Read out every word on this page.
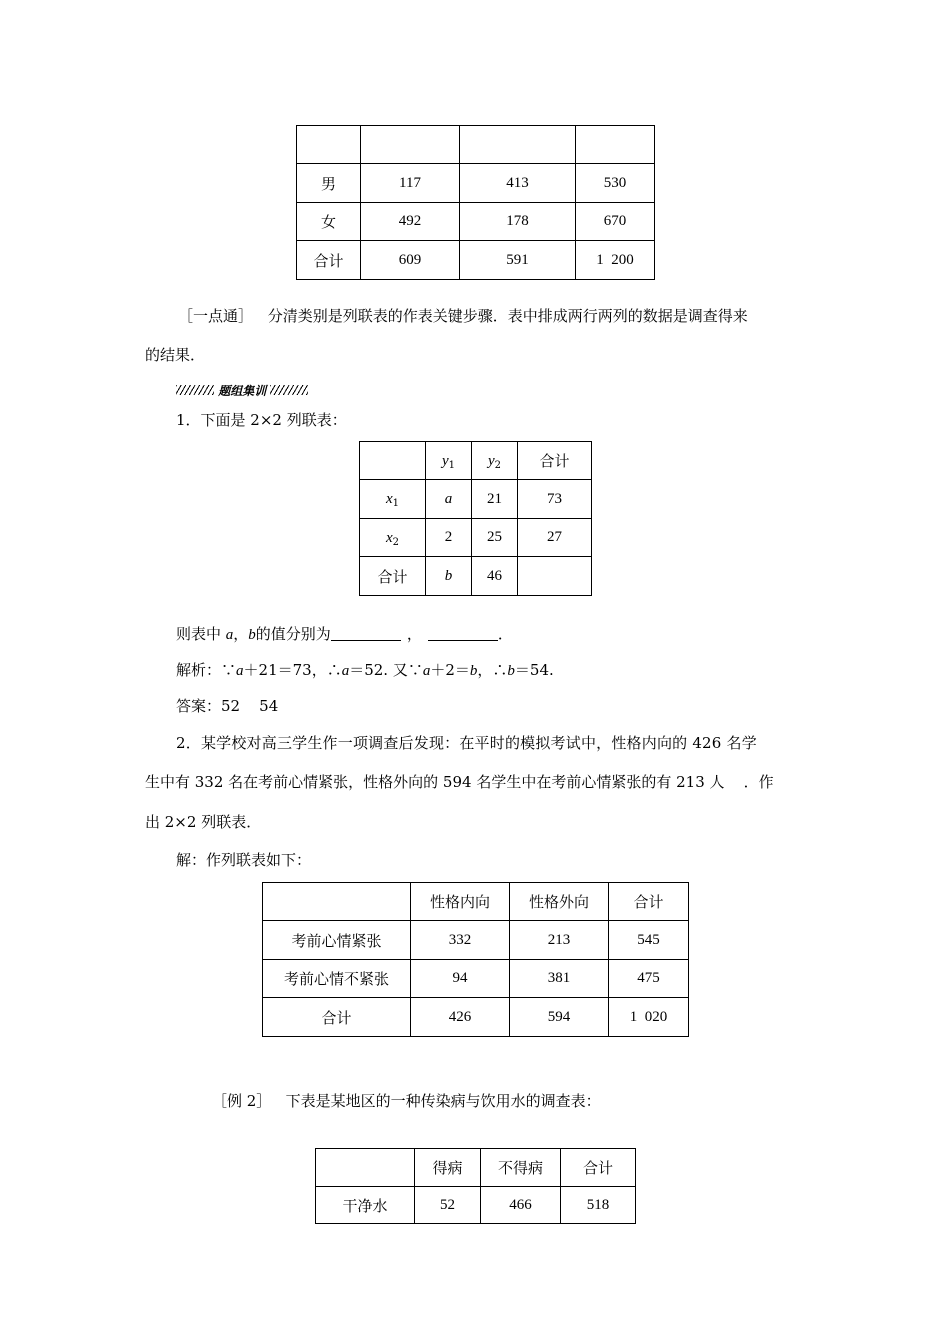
男	117	413	530
女	492	178	670
合计	609	591	1  200
［一点通］ 分清类别是列联表的作表关键步骤．表中排成两行两列的数据是调查得来
的结果．
题组集训
1．下面是 2×2 列联表：
	$y_1$	$y_2$	合计
$x_1$	a	21	73
$x_2$	2	25	27
合计	b	46	
则表中 a，b的值分别为	，	．
解析：∵a＋21＝73，∴a＝52. 又∵a＋2＝b，∴b＝54.
答案：52    54
2．某学校对高三学生作一项调查后发现：在平时的模拟考试中，性格内向的 426 名学
生中有 332 名在考前心情紧张，性格外向的 594 名学生中在考前心情紧张的有 213 人    ．作
出 2×2 列联表．
解：作列联表如下：
	性格内向	性格外向	合计
考前心情紧张	332	213	545
考前心情不紧张	94	381	475
合计	426	594	1  020
［例 2］   下表是某地区的一种传染病与饮用水的调查表：
	得病	不得病	合计
干净水	52	466	518
